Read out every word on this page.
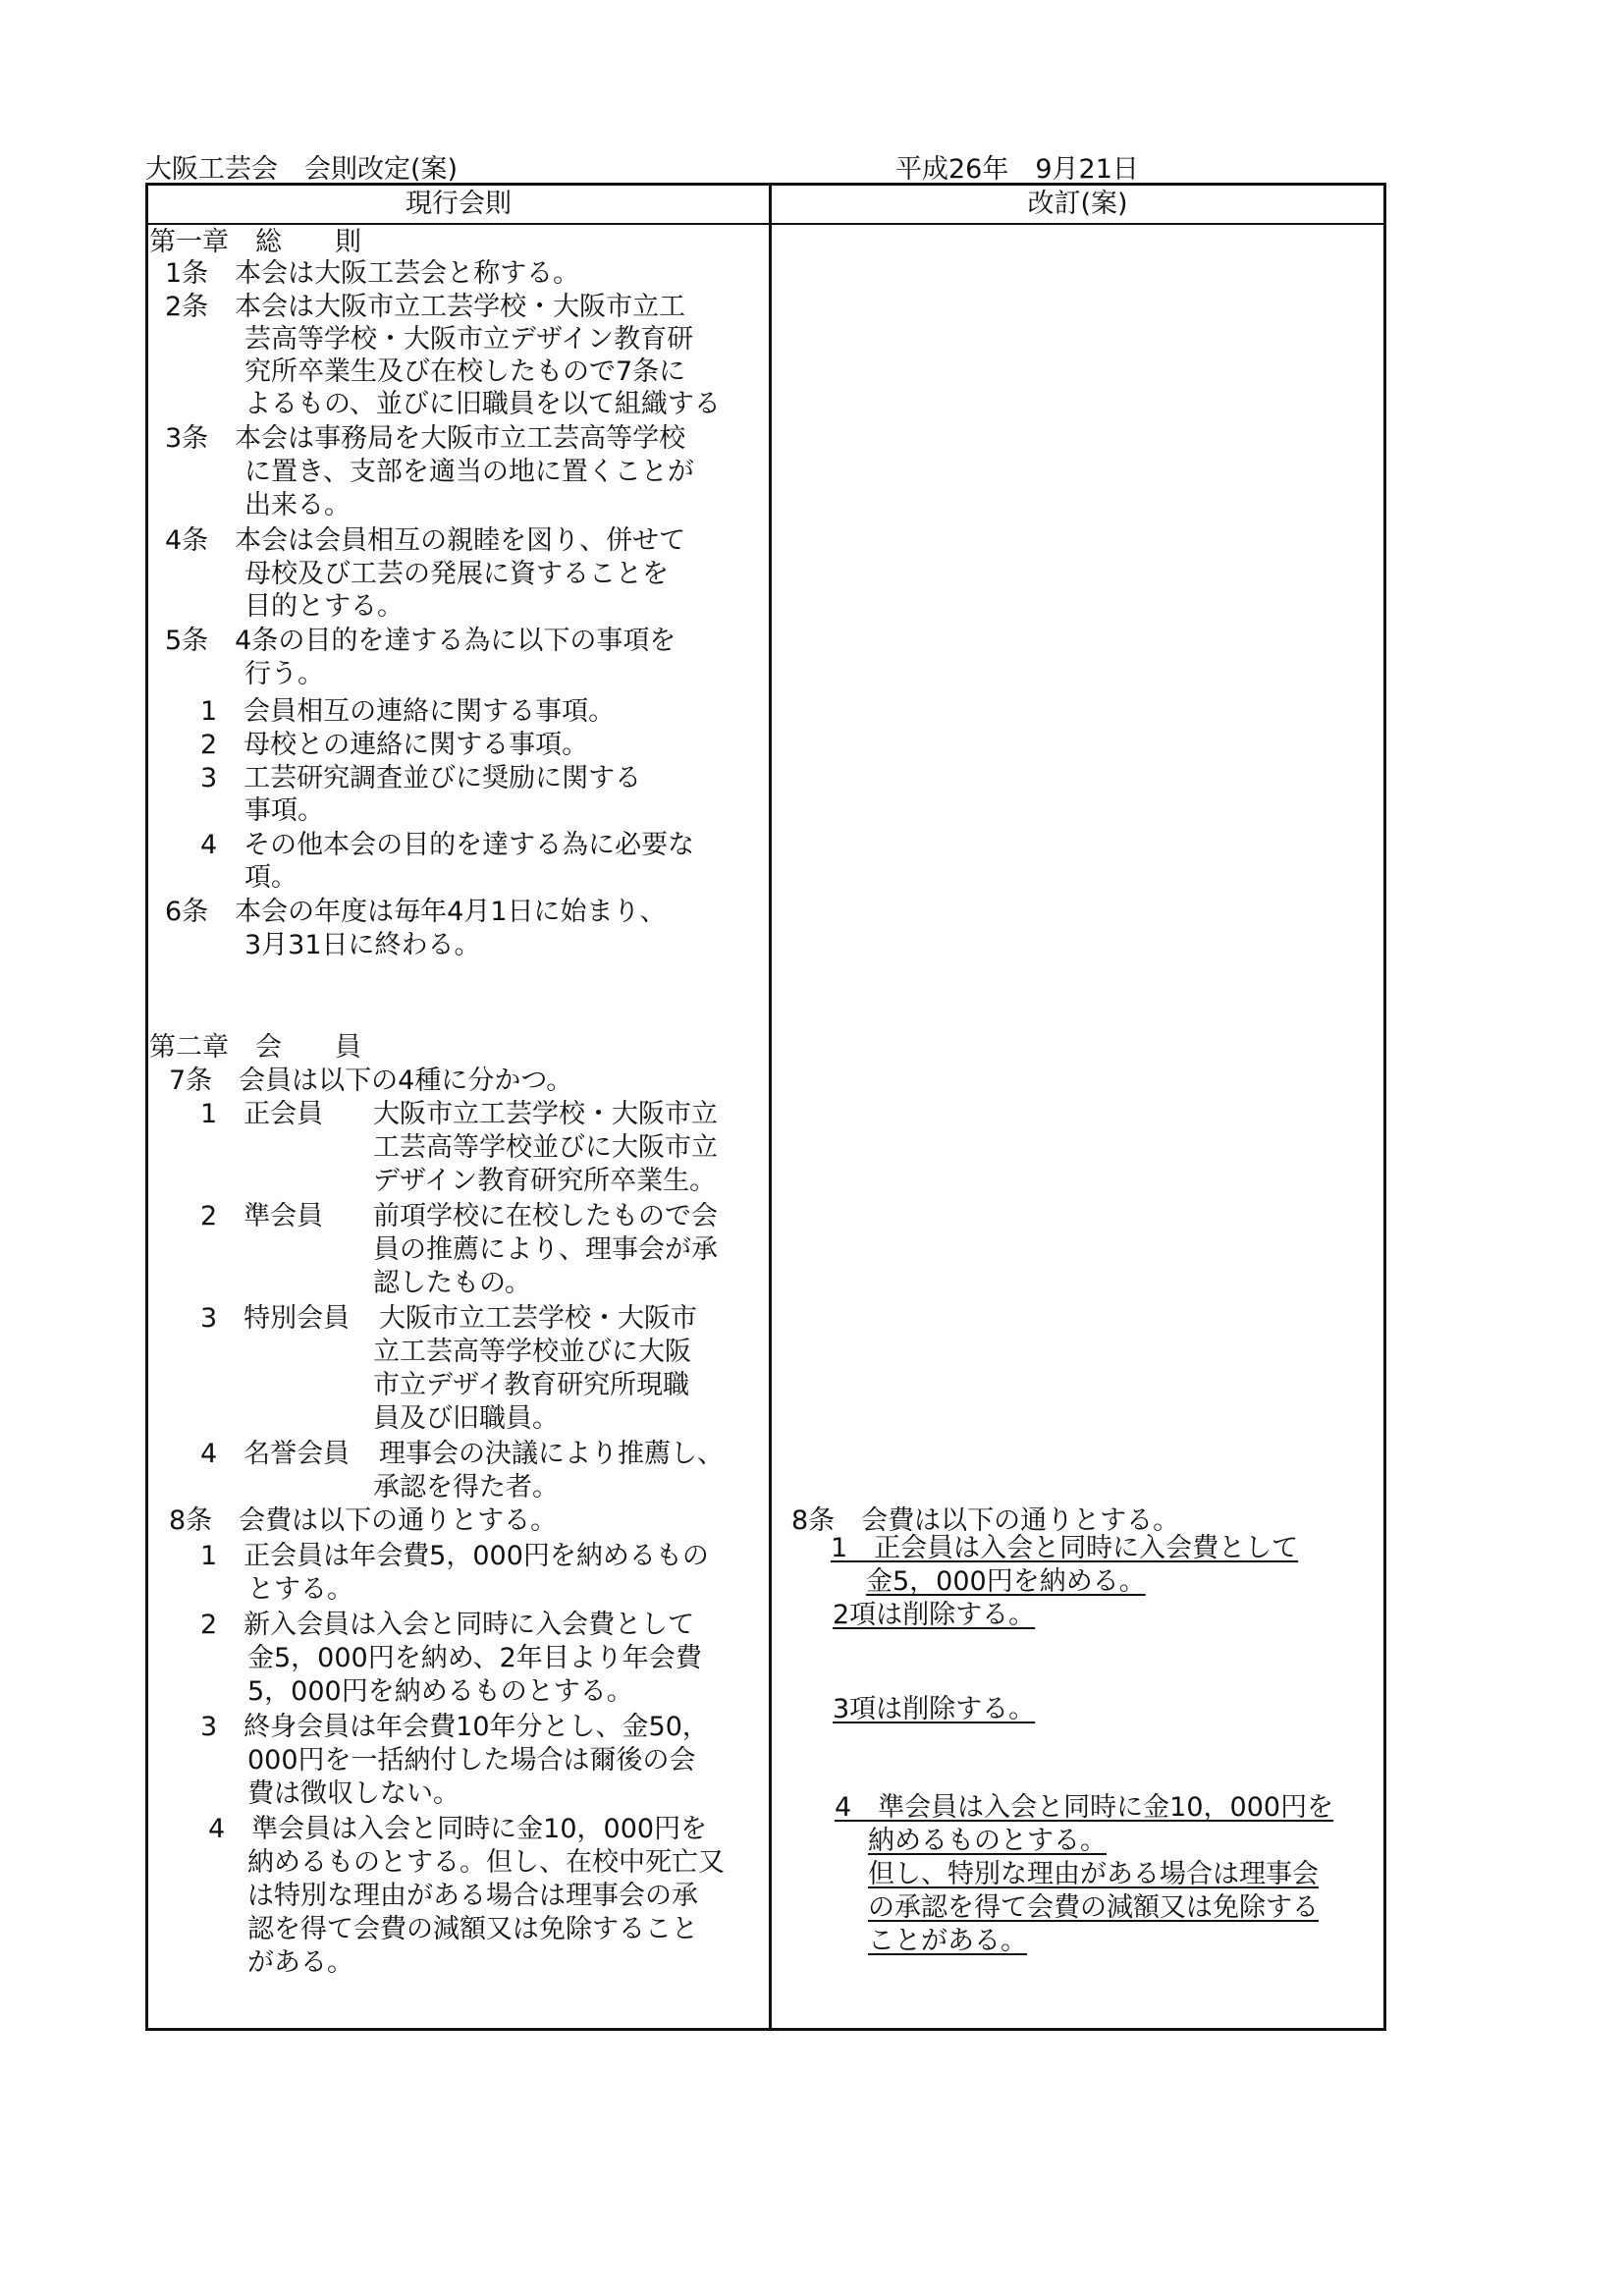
大阪工芸会　会則改定(案)	平成26年　9月21日
現行会則	改訂(案)
第一章　総　　則
1条　本会は大阪工芸会と称する。
2条　本会は大阪市立工芸学校・大阪市立工
芸高等学校・大阪市立デザイン教育研
究所卒業生及び在校したもので7条に
よるもの、並びに旧職員を以て組織する
3条　本会は事務局を大阪市立工芸高等学校
に置き、支部を適当の地に置くことが
出来る。
4条　本会は会員相互の親睦を図り、併せて
母校及び工芸の発展に資することを
目的とする。
5条　4条の目的を達する為に以下の事項を
行う。
1　会員相互の連絡に関する事項。
2　母校との連絡に関する事項。
3　工芸研究調査並びに奨励に関する
事項。
4　その他本会の目的を達する為に必要な
項。
6条　本会の年度は毎年4月1日に始まり、
3月31日に終わる。
第二章　会　　員
7条　会員は以下の4種に分かつ。
1　正会員 大阪市立工芸学校・大阪市立
工芸高等学校並びに大阪市立
デザイン教育研究所卒業生。
2　準会員 前項学校に在校したもので会
員の推薦により、理事会が承
認したもの。
3　特別会員 大阪市立工芸学校・大阪市
立工芸高等学校並びに大阪
市立デザイ教育研究所現職
員及び旧職員。
4　名誉会員 理事会の決議により推薦し、
承認を得た者。
8条　会費は以下の通りとする。
1　正会員は年会費5，000円を納めるもの
とする。
2　新入会員は入会と同時に入会費として
金5，000円を納め、2年目より年会費
5，000円を納めるものとする。
3　終身会員は年会費10年分とし、金50，
000円を一括納付した場合は爾後の会
費は徴収しない。
4　準会員は入会と同時に金10，000円を
納めるものとする。但し、在校中死亡又
は特別な理由がある場合は理事会の承
認を得て会費の減額又は免除すること
がある。
8条　会費は以下の通りとする。
1　正会員は入会と同時に入会費として
金5，000円を納める。
2項は削除する。
3項は削除する。
4　準会員は入会と同時に金10，000円を
納めるものとする。
但し、特別な理由がある場合は理事会
の承認を得て会費の減額又は免除する
ことがある。
